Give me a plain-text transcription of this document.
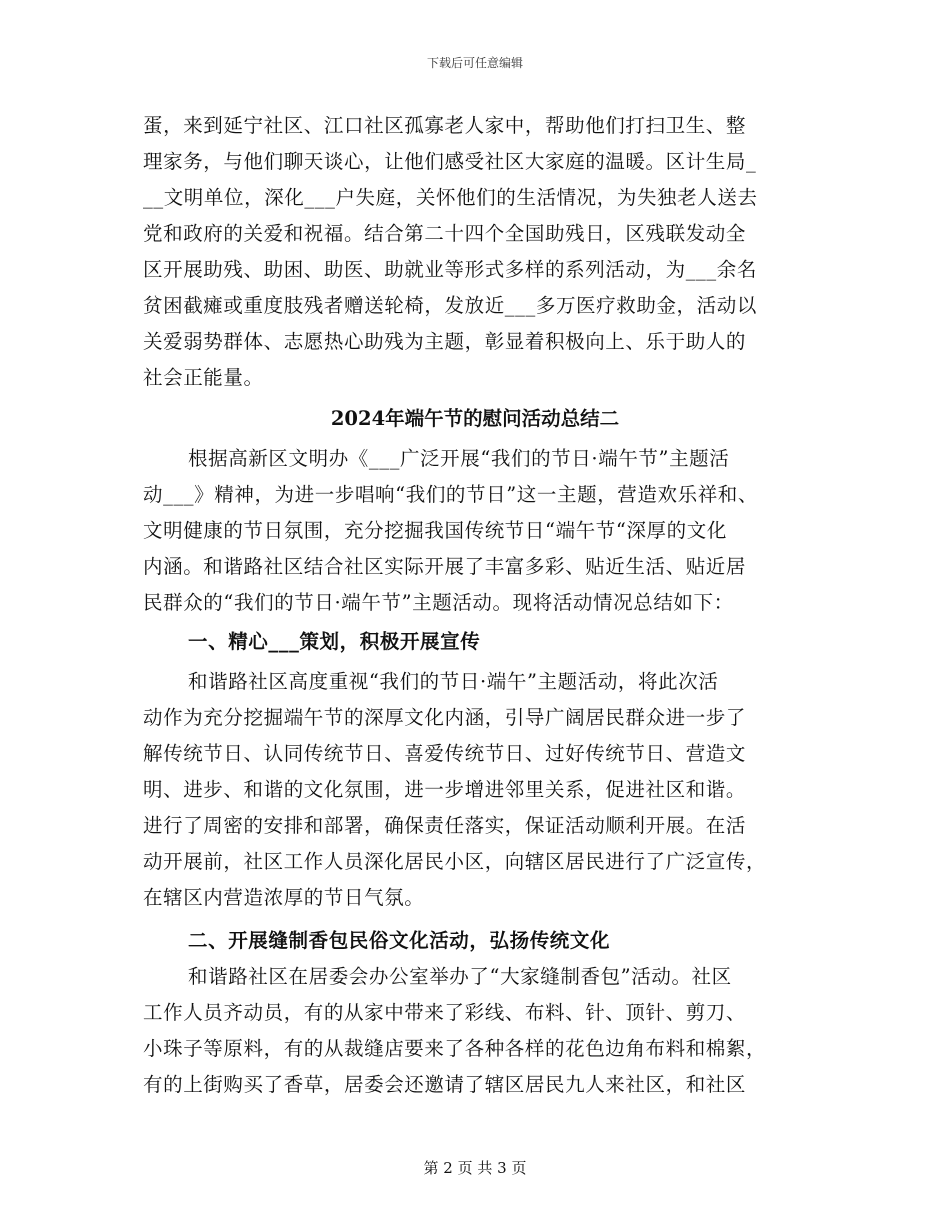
下载后可任意编辑
蛋，来到延宁社区、江口社区孤寡老人家中，帮助他们打扫卫生、整
理家务，与他们聊天谈心，让他们感受社区大家庭的温暖。区计生局_
__文明单位，深化___户失庭，关怀他们的生活情况，为失独老人送去
党和政府的关爱和祝福。结合第二十四个全国助残日，区残联发动全
区开展助残、助困、助医、助就业等形式多样的系列活动，为___余名
贫困截瘫或重度肢残者赠送轮椅，发放近___多万医疗救助金，活动以
关爱弱势群体、志愿热心助残为主题，彰显着积极向上、乐于助人的
社会正能量。
2024年端午节的慰问活动总结二
根据高新区文明办《___广泛开展“我们的节日·端午节”主题活
动___》精神，为进一步唱响“我们的节日”这一主题，营造欢乐祥和、
文明健康的节日氛围，充分挖掘我国传统节日“端午节“深厚的文化
内涵。和谐路社区结合社区实际开展了丰富多彩、贴近生活、贴近居
民群众的“我们的节日·端午节”主题活动。现将活动情况总结如下：
一、精心___策划，积极开展宣传
和谐路社区高度重视“我们的节日·端午”主题活动，将此次活
动作为充分挖掘端午节的深厚文化内涵，引导广阔居民群众进一步了
解传统节日、认同传统节日、喜爱传统节日、过好传统节日、营造文
明、进步、和谐的文化氛围，进一步增进邻里关系，促进社区和谐。
进行了周密的安排和部署，确保责任落实，保证活动顺利开展。在活
动开展前，社区工作人员深化居民小区，向辖区居民进行了广泛宣传，
在辖区内营造浓厚的节日气氛。
二、开展缝制香包民俗文化活动，弘扬传统文化
和谐路社区在居委会办公室举办了“大家缝制香包”活动。社区
工作人员齐动员，有的从家中带来了彩线、布料、针、顶针、剪刀、
小珠子等原料，有的从裁缝店要来了各种各样的花色边角布料和棉絮，
有的上街购买了香草，居委会还邀请了辖区居民九人来社区，和社区
第 2 页 共 3 页
